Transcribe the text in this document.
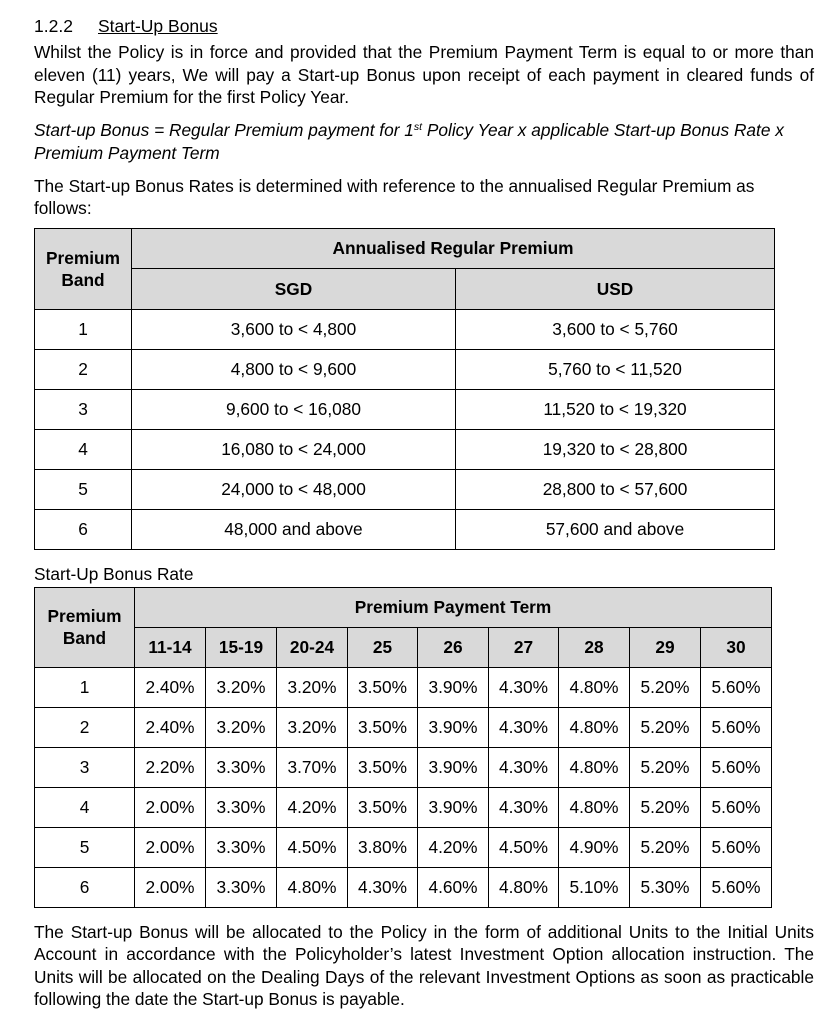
1.2.2 Start-Up Bonus

Whilst the Policy is in force and provided that the Premium Payment Term is equal to or more than eleven (11) years, We will pay a Start-up Bonus upon receipt of each payment in cleared funds of Regular Premium for the first Policy Year.

Start-up Bonus = Regular Premium payment for 1st Policy Year x applicable Start-up Bonus Rate x Premium Payment Term

The Start-up Bonus Rates is determined with reference to the annualised Regular Premium as follows:

Premium
Band	Annualised Regular Premium	
	SGD	USD
1	3,600 to < 4,800	3,600 to < 5,760
2	4,800 to < 9,600	5,760 to < 11,520
3	9,600 to < 16,080	11,520 to < 19,320
4	16,080 to < 24,000	19,320 to < 28,800
5	24,000 to < 48,000	28,800 to < 57,600
6	48,000 and above	57,600 and above
Start-Up Bonus Rate
Premium
Band	Premium Payment Term								
	11-14	15-19	20-24	25	26	27	28	29	30
1	2.40%	3.20%	3.20%	3.50%	3.90%	4.30%	4.80%	5.20%	5.60%
2	2.40%	3.20%	3.20%	3.50%	3.90%	4.30%	4.80%	5.20%	5.60%
3	2.20%	3.30%	3.70%	3.50%	3.90%	4.30%	4.80%	5.20%	5.60%
4	2.00%	3.30%	4.20%	3.50%	3.90%	4.30%	4.80%	5.20%	5.60%
5	2.00%	3.30%	4.50%	3.80%	4.20%	4.50%	4.90%	5.20%	5.60%
6	2.00%	3.30%	4.80%	4.30%	4.60%	4.80%	5.10%	5.30%	5.60%

The Start-up Bonus will be allocated to the Policy in the form of additional Units to the Initial Units Account in accordance with the Policyholder’s latest Investment Option allocation instruction. The Units will be allocated on the Dealing Days of the relevant Investment Options as soon as practicable following the date the Start-up Bonus is payable.
